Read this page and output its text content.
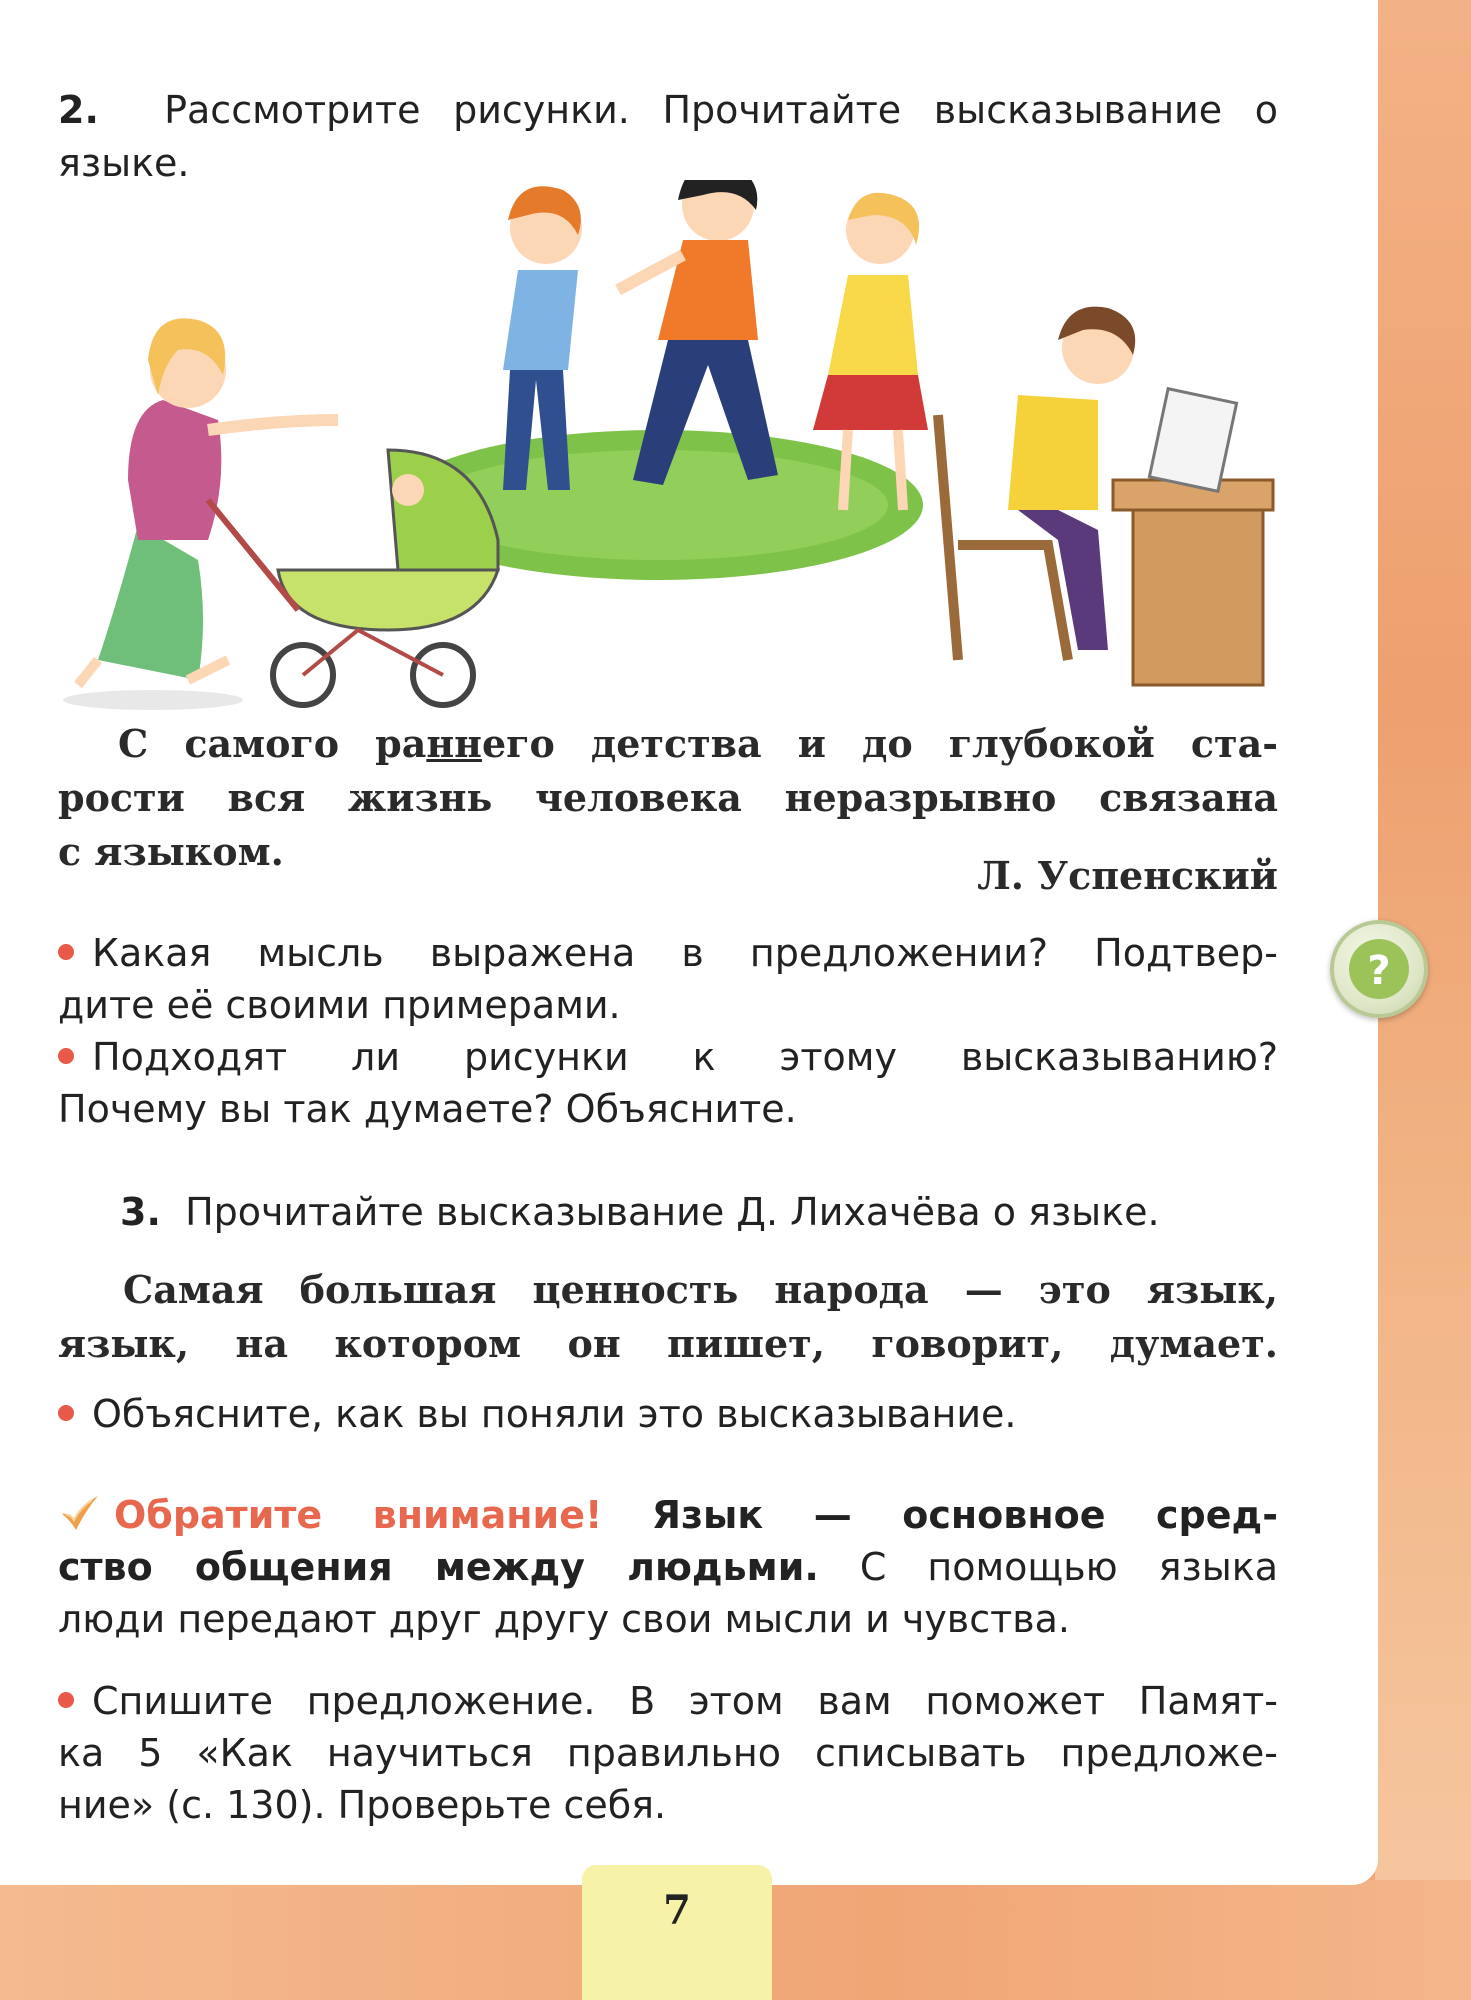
2. Рассмотрите рисунки. Прочитайте высказывание о

языке.

С самого раннего детства и до глубокой ста-

рости вся жизнь человека неразрывно связана

с языком.

Л. Успенский

Какая мысль выражена в предложении? Подтвер-

дите её своими примерами.

Подходят ли рисунки к этому высказыванию?

Почему вы так думаете? Объясните.

3. Прочитайте высказывание Д. Лихачёва о языке.

Самая большая ценность народа — это язык,

язык, на котором он пишет, говорит, думает.

Объясните, как вы поняли это высказывание.

Обратите внимание! Язык — основное сред-

ство общения между людьми. С помощью языка

люди передают друг другу свои мысли и чувства.

Спишите предложение. В этом вам поможет Памят-

ка 5 «Как научиться правильно списывать предложе-

ние» (с. 130). Проверьте себя.

?
7
